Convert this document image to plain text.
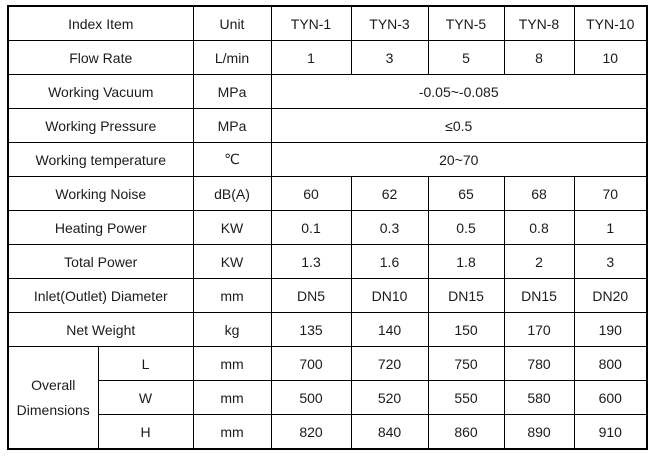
Index Item		Unit	TYN-1	TYN-3	TYN-5	TYN-8	TYN-10
Flow Rate		L/min	1	3	5	8	10
Working Vacuum		MPa	-0.05~-0.085				
Working Pressure		MPa	≤0.5				
Working temperature		℃	20~70				
Working Noise		dB(A)	60	62	65	68	70
Heating Power		KW	0.1	0.3	0.5	0.8	1
Total Power		KW	1.3	1.6	1.8	2	3
Inlet(Outlet) Diameter		mm	DN5	DN10	DN15	DN15	DN20
Net Weight		kg	135	140	150	170	190
Overall Dimensions	L	mm	700	720	750	780	800
	W	mm	500	520	550	580	600
	H	mm	820	840	860	890	910
